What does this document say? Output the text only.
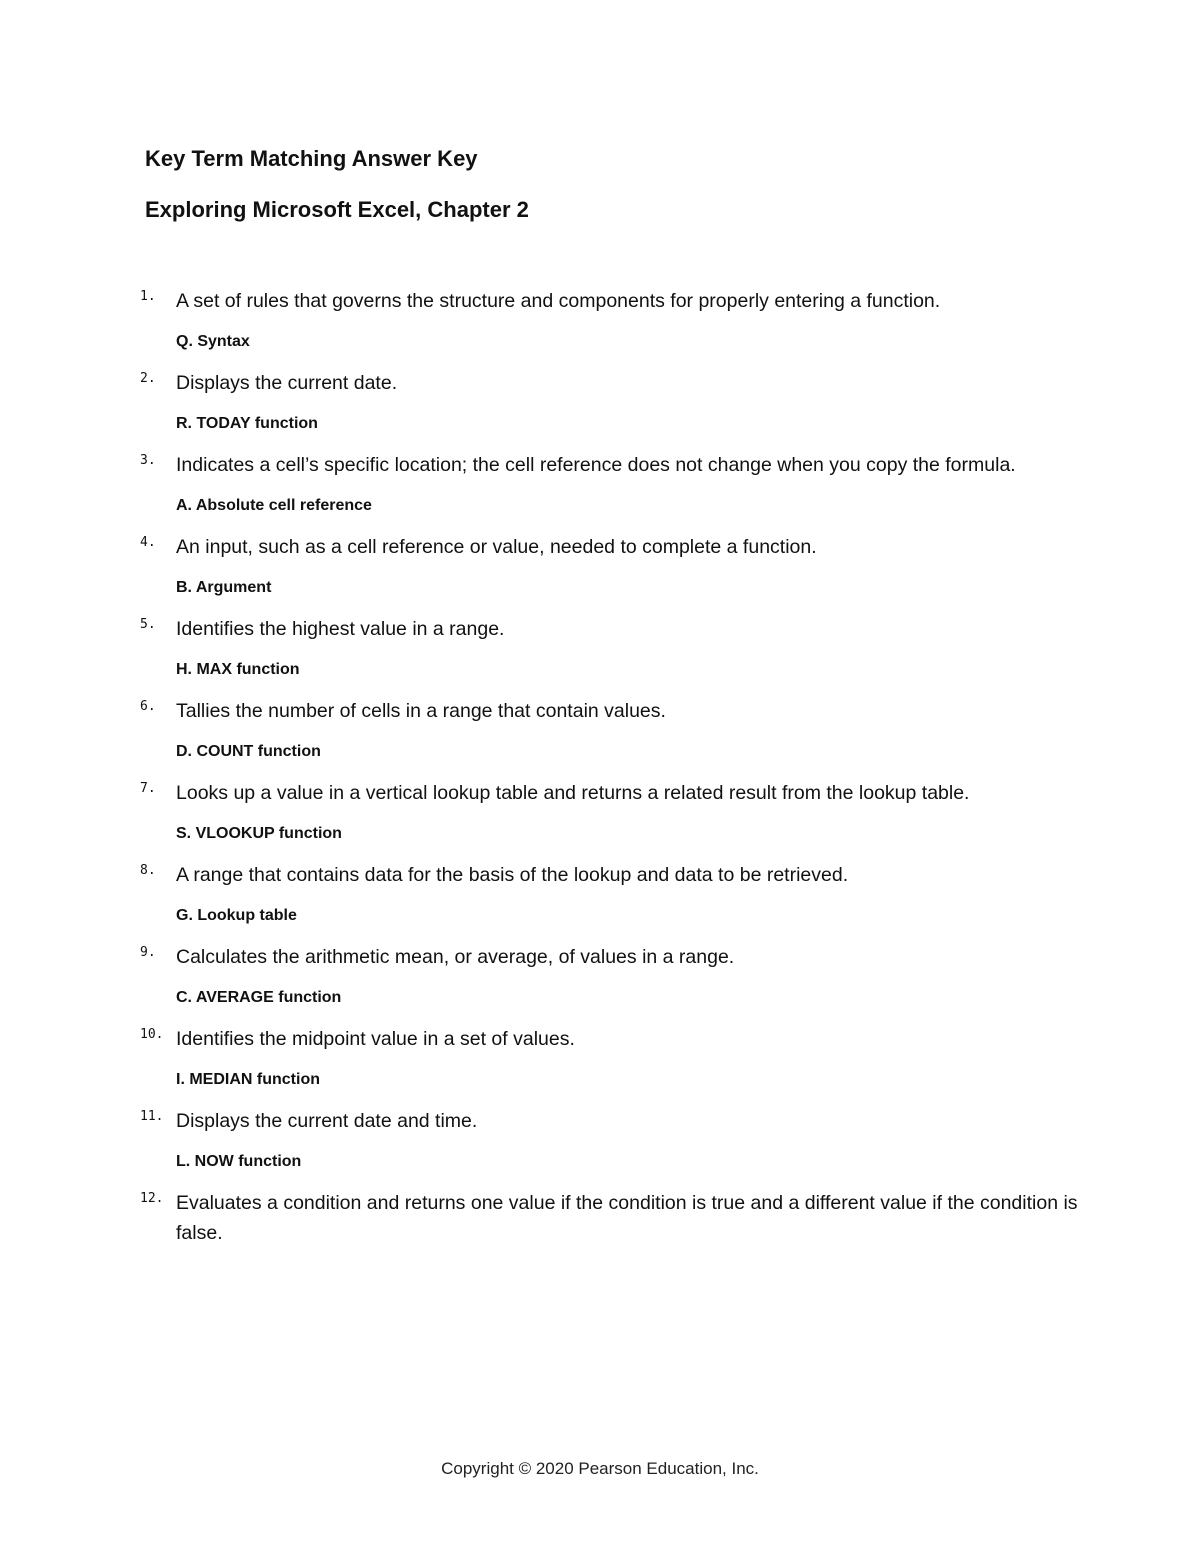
Key Term Matching Answer Key
Exploring Microsoft Excel, Chapter 2
1.	A set of rules that governs the structure and components for properly entering a function.

Q. Syntax

2.	Displays the current date.

R. TODAY function

3.	Indicates a cell’s specific location; the cell reference does not change when you copy the formula.

A. Absolute cell reference

4.	An input, such as a cell reference or value, needed to complete a function.

B. Argument

5.	Identifies the highest value in a range.

H. MAX function

6.	Tallies the number of cells in a range that contain values.

D. COUNT function

7.	Looks up a value in a vertical lookup table and returns a related result from the lookup table.

S. VLOOKUP function

8.	A range that contains data for the basis of the lookup and data to be retrieved.

G. Lookup table

9.	Calculates the arithmetic mean, or average, of values in a range.

C. AVERAGE function

10. Identifies the midpoint value in a set of values.

I. MEDIAN function

11. Displays the current date and time.

L. NOW function

12. Evaluates a condition and returns one value if the condition is true and a different value if the condition is false.

Copyright © 2020 Pearson Education, Inc.
